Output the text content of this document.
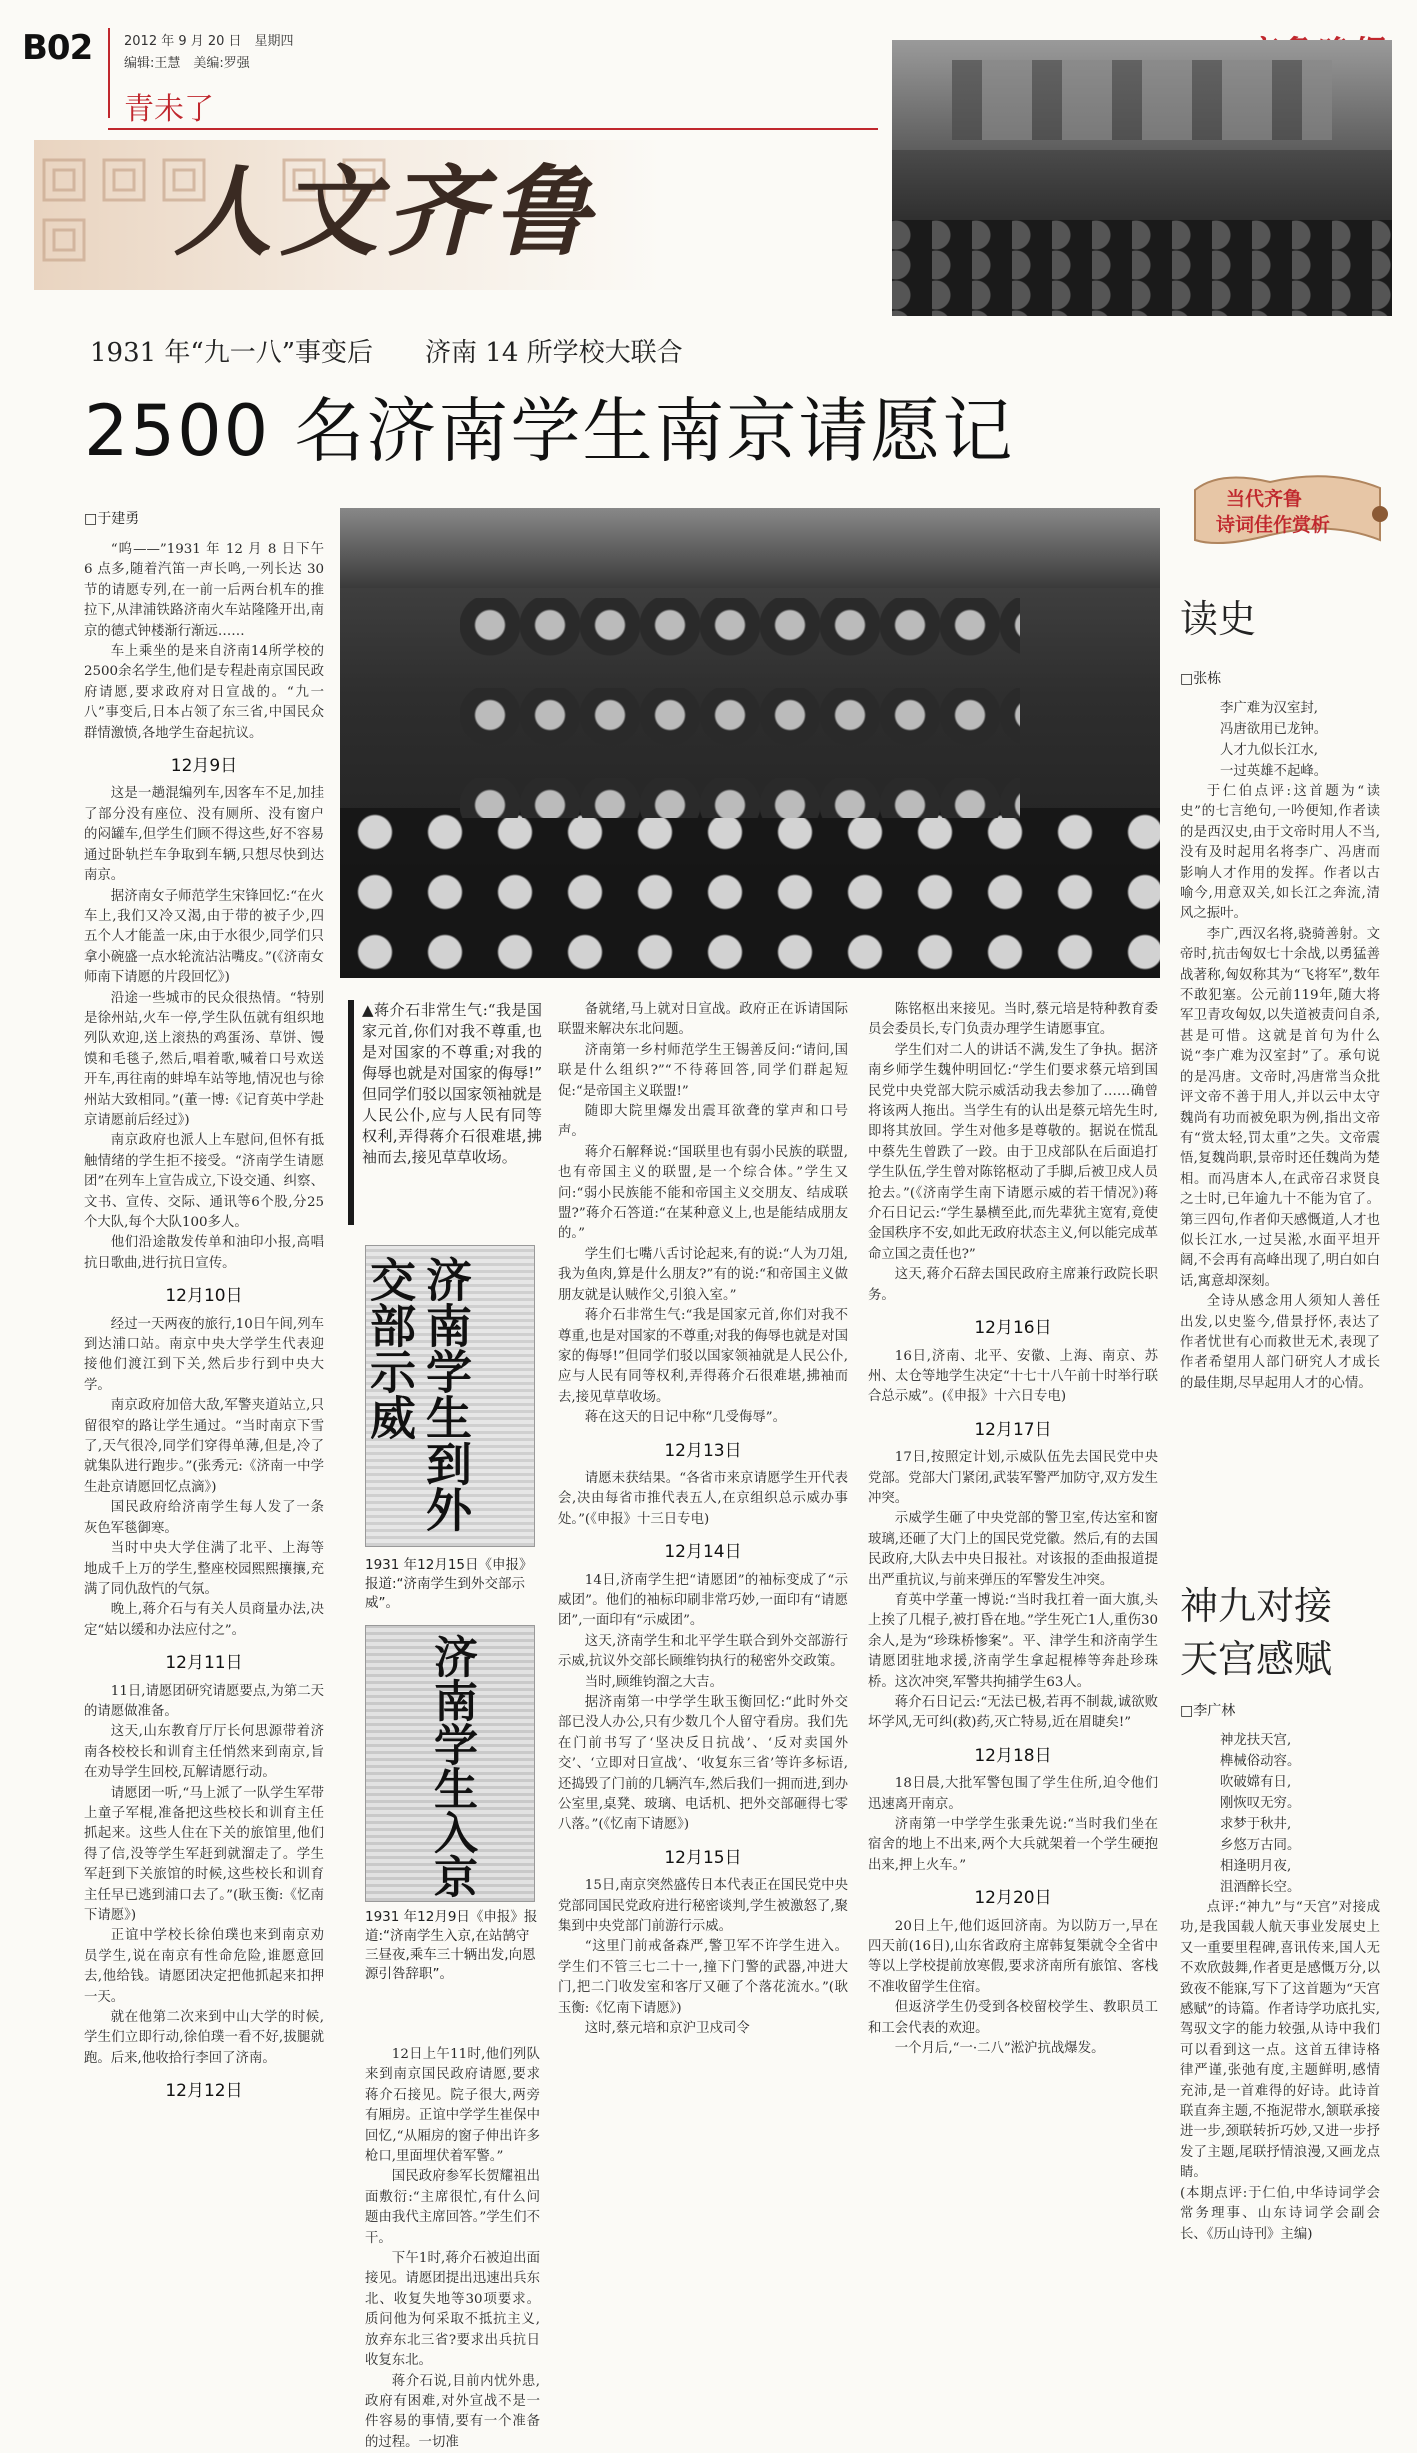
B02 2012 年 9 月 20 日　星期四
编辑:王慧　美编:罗强
青未了
人文齐鲁
1931 年“九一八”事变后　　济南 14 所学校大联合
2500 名济南学生南京请愿记
□于建勇

“呜——”1931 年 12 月 8 日下午 6 点多,随着汽笛一声长鸣,一列长达 30 节的请愿专列,在一前一后两台机车的推拉下,从津浦铁路济南火车站隆隆开出,南京的德式钟楼渐行渐远……

车上乘坐的是来自济南14所学校的2500余名学生,他们是专程赴南京国民政府请愿,要求政府对日宣战的。“九一八”事变后,日本占领了东三省,中国民众群情激愤,各地学生奋起抗议。

12月9日

这是一趟混编列车,因客车不足,加挂了部分没有座位、没有厕所、没有窗户的闷罐车,但学生们顾不得这些,好不容易通过卧轨拦车争取到车辆,只想尽快到达南京。

据济南女子师范学生宋锋回忆:“在火车上,我们又冷又渴,由于带的被子少,四五个人才能盖一床,由于水很少,同学们只拿小碗盛一点水轮流沾沾嘴皮。”(《济南女师南下请愿的片段回忆》)

沿途一些城市的民众很热情。“特别是徐州站,火车一停,学生队伍就有组织地列队欢迎,送上滚热的鸡蛋汤、草饼、馒馍和毛毯子,然后,唱着歌,喊着口号欢送开车,再往南的蚌埠车站等地,情况也与徐州站大致相同。”(董一博:《记育英中学赴京请愿前后经过》)

南京政府也派人上车慰问,但怀有抵触情绪的学生拒不接受。“济南学生请愿团”在列车上宣告成立,下设交通、纠察、文书、宣传、交际、通讯等6个股,分25个大队,每个大队100多人。

他们沿途散发传单和油印小报,高唱抗日歌曲,进行抗日宣传。

12月10日

经过一天两夜的旅行,10日午间,列车到达浦口站。南京中央大学学生代表迎接他们渡江到下关,然后步行到中央大学。

南京政府加倍大敌,军警夹道站立,只留很窄的路让学生通过。“当时南京下雪了,天气很冷,同学们穿得单薄,但是,冷了就集队进行跑步。”(张秀元:《济南一中学生赴京请愿回忆点滴》)

国民政府给济南学生每人发了一条灰色军毯御寒。

当时中央大学住满了北平、上海等地成千上万的学生,整座校园熙熙攘攘,充满了同仇敌忾的气氛。

晚上,蒋介石与有关人员商量办法,决定“姑以缓和办法应付之”。

12月11日

11日,请愿团研究请愿要点,为第二天的请愿做准备。

这天,山东教育厅厅长何思源带着济南各校校长和训育主任悄然来到南京,旨在劝导学生回校,瓦解请愿行动。

请愿团一听,“马上派了一队学生军带上童子军棍,准备把这些校长和训育主任抓起来。这些人住在下关的旅馆里,他们得了信,没等学生军赶到就溜走了。学生军赶到下关旅馆的时候,这些校长和训育主任早已逃到浦口去了。”(耿玉衡:《忆南下请愿》)

正谊中学校长徐伯璞也来到南京劝员学生,说在南京有性命危险,谁愿意回去,他给钱。请愿团决定把他抓起来扣押一天。

就在他第二次来到中山大学的时候,学生们立即行动,徐伯璞一看不好,拔腿就跑。后来,他收拾行李回了济南。

12月12日
▲蒋介石非常生气:“我是国家元首,你们对我不尊重,也是对国家的不尊重;对我的侮辱也就是对国家的侮辱!”　但同学们驳以国家领袖就是人民公仆,应与人民有同等权利,弄得蒋介石很难堪,拂袖而去,接见草草收场。
济南学生到外交部示威
1931 年12月15日《申报》报道:“济南学生到外交部示威”。
济南学生入京
1931 年12月9日《申报》报道:“济南学生入京,在站鹄守三昼夜,乘车三十辆出发,向恩源引咎辞职”。

12日上午11时,他们列队来到南京国民政府请愿,要求蒋介石接见。院子很大,两旁有厢房。正谊中学学生崔保中回忆,“从厢房的窗子伸出许多枪口,里面埋伏着军警。”

国民政府参军长贺耀祖出面敷衍:“主席很忙,有什么问题由我代主席回答。”学生们不干。

下午1时,蒋介石被迫出面接见。请愿团提出迅速出兵东北、收复失地等30项要求。质问他为何采取不抵抗主义,放弃东北三省?要求出兵抗日收复东北。

蒋介石说,目前内忧外患,政府有困难,对外宣战不是一件容易的事情,要有一个准备的过程。一切准

备就绪,马上就对日宣战。政府正在诉请国际联盟来解决东北问题。

济南第一乡村师范学生王锡善反问:“请问,国联是什么组织?”“不待蒋回答,同学们群起短促:“是帝国主义联盟!”

随即大院里爆发出震耳欲聋的掌声和口号声。

蒋介石解释说:“国联里也有弱小民族的联盟,也有帝国主义的联盟,是一个综合体。”学生又问:“弱小民族能不能和帝国主义交朋友、结成联盟?”蒋介石答道:“在某种意义上,也是能结成朋友的。”

学生们七嘴八舌讨论起来,有的说:“人为刀俎,我为鱼肉,算是什么朋友?”有的说:“和帝国主义做朋友就是认贼作父,引狼入室。”

蒋介石非常生气:“我是国家元首,你们对我不尊重,也是对国家的不尊重;对我的侮辱也就是对国家的侮辱!”但同学们驳以国家领袖就是人民公仆,应与人民有同等权利,弄得蒋介石很难堪,拂袖而去,接见草草收场。

蒋在这天的日记中称“几受侮辱”。

12月13日

请愿未获结果。“各省市来京请愿学生开代表会,决由每省市推代表五人,在京组织总示威办事处。”(《申报》十三日专电)

12月14日

14日,济南学生把“请愿团”的袖标变成了“示威团”。他们的袖标印刷非常巧妙,一面印有“请愿团”,一面印有“示威团”。

这天,济南学生和北平学生联合到外交部游行示威,抗议外交部长顾维钧执行的秘密外交政策。

当时,顾维钧溜之大吉。

据济南第一中学学生耿玉衡回忆:“此时外交部已没人办公,只有少数几个人留守看房。我们先在门前书写了‘坚决反日抗战’、‘反对卖国外交’、‘立即对日宣战’、‘收复东三省’等许多标语,还捣毁了门前的几辆汽车,然后我们一拥而进,到办公室里,桌凳、玻璃、电话机、把外交部砸得七零八落。”(《忆南下请愿》)

12月15日

15日,南京突然盛传日本代表正在国民党中央党部同国民党政府进行秘密谈判,学生被激怒了,聚集到中央党部门前游行示威。

“这里门前戒备森严,警卫军不许学生进入。学生们不管三七二十一,撞下门警的武器,冲进大门,把二门收发室和客厅又砸了个落花流水。”(耿玉衡:《忆南下请愿》)

这时,蔡元培和京沪卫戍司令

陈铭枢出来接见。当时,蔡元培是特种教育委员会委员长,专门负责办理学生请愿事宜。

学生们对二人的讲话不满,发生了争执。据济南乡师学生魏仲明回忆:“学生们要求蔡元培到国民党中央党部大院示威活动我去参加了……确曾将该两人拖出。当学生有的认出是蔡元培先生时,即将其放回。学生对他多是尊敬的。据说在慌乱中蔡先生曾跌了一跤。由于卫戍部队在后面追打学生队伍,学生曾对陈铭枢动了手脚,后被卫戍人员抢去。”(《济南学生南下请愿示威的若干情况》)蒋介石日记云:“学生暴横至此,而先辈犹主宽宥,竟使金国秩序不安,如此无政府状态主义,何以能完成革命立国之责任也?”

这天,蒋介石辞去国民政府主席兼行政院长职务。

12月16日

16日,济南、北平、安徽、上海、南京、苏州、太仓等地学生决定“十七十八午前十时举行联合总示威”。(《申报》十六日专电)

12月17日

17日,按照定计划,示威队伍先去国民党中央党部。党部大门紧闭,武装军警严加防守,双方发生冲突。

示威学生砸了中央党部的警卫室,传达室和窗玻璃,还砸了大门上的国民党党徽。然后,有的去国民政府,大队去中央日报社。对该报的歪曲报道提出严重抗议,与前来弹压的军警发生冲突。

育英中学董一博说:“当时我扛着一面大旗,头上挨了几棍子,被打昏在地。”学生死亡1人,重伤30余人,是为“珍珠桥惨案”。平、津学生和济南学生请愿团驻地求援,济南学生拿起棍棒等奔赴珍珠桥。这次冲突,军警共拘捕学生63人。

蒋介石日记云:“无法已极,若再不制裁,诚欲败坏学风,无可纠(救)药,灭亡特易,近在眉睫矣!”

12月18日

18日晨,大批军警包围了学生住所,迫令他们迅速离开南京。

济南第一中学学生张秉先说:“当时我们坐在宿舍的地上不出来,两个大兵就架着一个学生硬抱出来,押上火车。”

12月20日

20日上午,他们返回济南。为以防万一,早在四天前(16日),山东省政府主席韩复榘就令全省中等以上学校提前放寒假,要求济南所有旅馆、客栈不准收留学生住宿。

但返济学生仍受到各校留校学生、教职员工和工会代表的欢迎。

一个月后,“一·二八”淞沪抗战爆发。

当代齐鲁
诗词佳作赏析
读史
□张栋
李广难为汉室封,
冯唐欲用已龙钟。
人才九似长江水,
一过英雄不起峰。

于仁伯点评:这首题为“读史”的七言绝句,一吟便知,作者读的是西汉史,由于文帝时用人不当,没有及时起用名将李广、冯唐而影响人才作用的发挥。作者以古喻今,用意双关,如长江之奔流,清风之振叶。

李广,西汉名将,骁骑善射。文帝时,抗击匈奴七十余战,以勇猛善战著称,匈奴称其为“飞将军”,数年不敢犯塞。公元前119年,随大将军卫青攻匈奴,以失道被责问自杀,甚是可惜。这就是首句为什么说“李广难为汉室封”了。承句说的是冯唐。文帝时,冯唐常当众批评文帝不善于用人,并以云中太守魏尚有功而被免职为例,指出文帝有“赏太轻,罚太重”之失。文帝震悟,复魏尚职,景帝时还任魏尚为楚相。而冯唐本人,在武帝召求贤良之士时,已年逾九十不能为官了。第三四句,作者仰天感慨道,人才也似长江水,一过吴淞,水面平坦开阔,不会再有高峰出现了,明白如白话,寓意却深刻。

全诗从感念用人须知人善任出发,以史鉴今,借景抒怀,表达了作者忧世有心而救世无术,表现了作者希望用人部门研究人才成长的最佳期,尽早起用人才的心情。

神九对接
天宫感赋
□李广林
神龙扶天宫,
榫械俗动容。
吹破嫦有日,
刚恢叹无穷。
求梦于秋井,
乡悠万古同。
相逢明月夜,
沮酒醉长空。

点评:“神九”与“天宫”对接成功,是我国载人航天事业发展史上又一重要里程碑,喜讯传来,国人无不欢欣鼓舞,作者更是感慨万分,以致夜不能寐,写下了这首题为“天宫感赋”的诗篇。作者诗学功底扎实,驾驭文字的能力较强,从诗中我们可以看到这一点。这首五律诗格律严谨,张弛有度,主题鲜明,感情充沛,是一首难得的好诗。此诗首联直奔主题,不拖泥带水,颔联承接进一步,颈联转折巧妙,又进一步抒发了主题,尾联抒情浪漫,又画龙点睛。

(本期点评:于仁伯,中华诗词学会常务理事、山东诗词学会副会长、《历山诗刊》主编)
